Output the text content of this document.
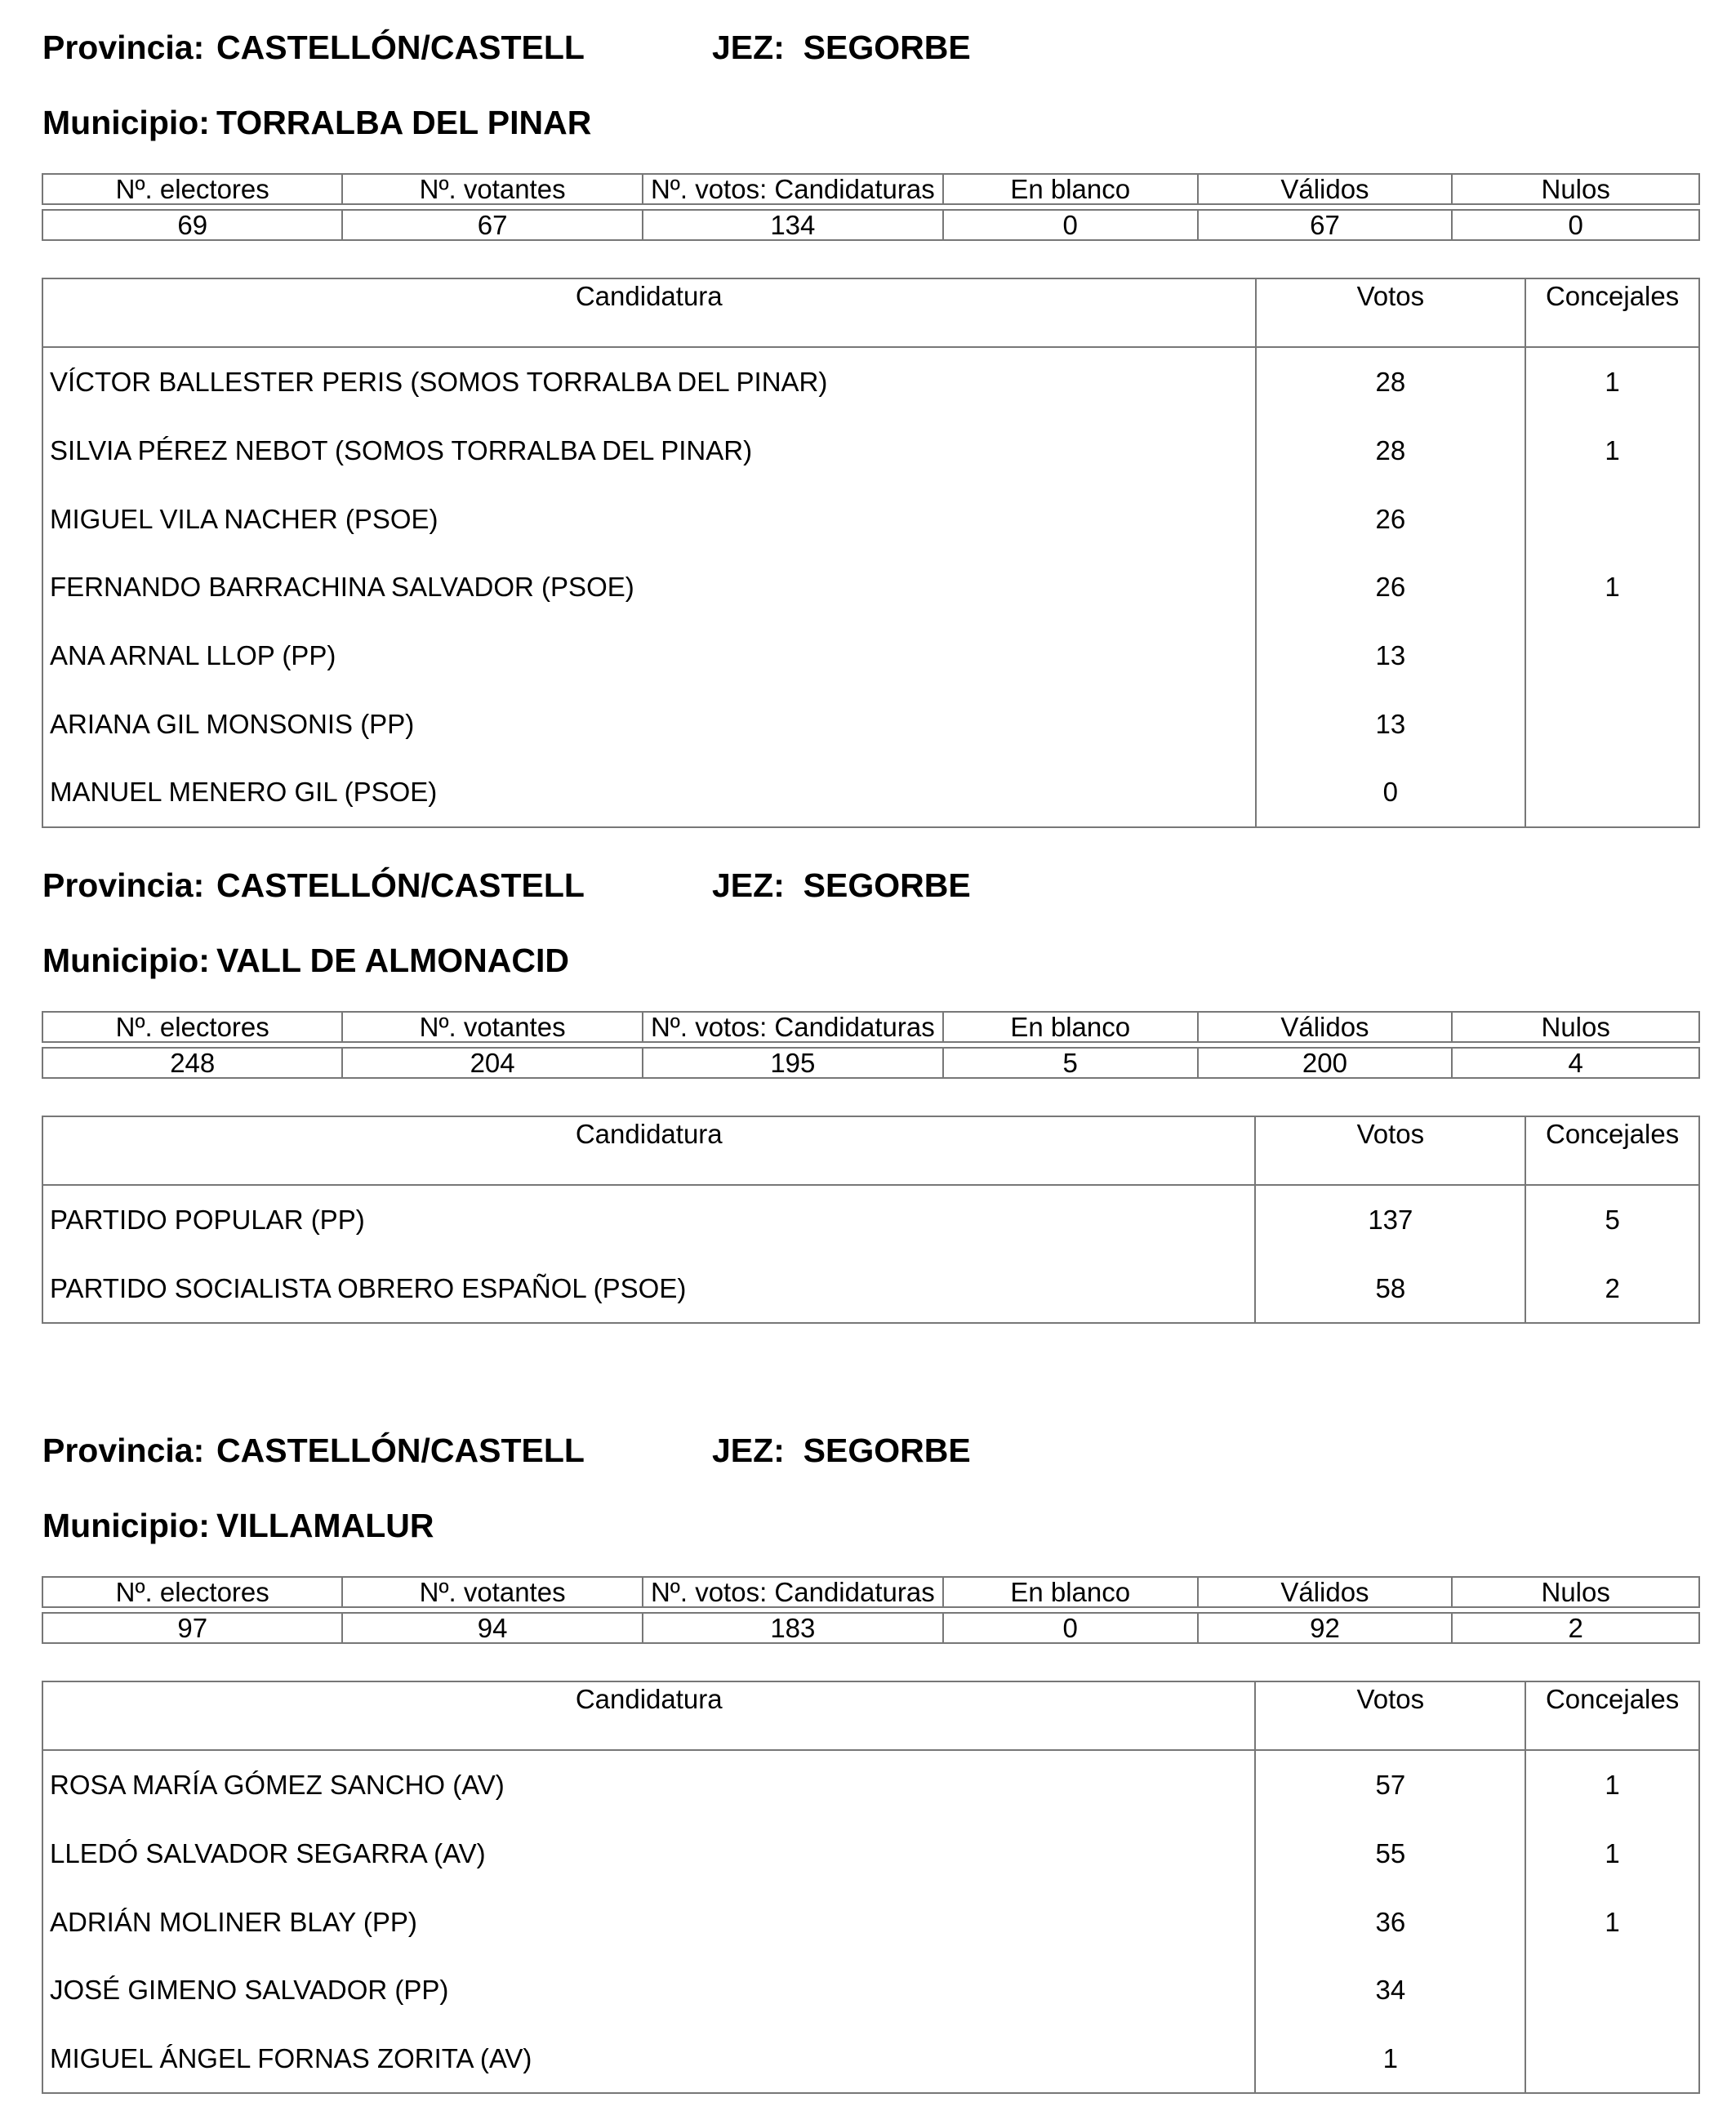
Provincia: CASTELLÓN/CASTELL	JEZ: SEGORBE
Municipio: TORRALBA DEL PINAR
Nº. electores	Nº. votantes	Nº. votos: Candidaturas	En blanco	Válidos	Nulos

69	67	134	0	67	0
Candidatura	Votos	Concejales
VÍCTOR BALLESTER PERIS (SOMOS TORRALBA DEL PINAR)	28	1
SILVIA PÉREZ NEBOT (SOMOS TORRALBA DEL PINAR)	28	1
MIGUEL VILA NACHER (PSOE)	26	
FERNANDO BARRACHINA SALVADOR (PSOE)	26	1
ANA ARNAL LLOP (PP)	13	
ARIANA GIL MONSONIS (PP)	13	
MANUEL MENERO GIL (PSOE)	0	
Provincia: CASTELLÓN/CASTELL	JEZ: SEGORBE
Municipio: VALL DE ALMONACID
Nº. electores	Nº. votantes	Nº. votos: Candidaturas	En blanco	Válidos	Nulos

248	204	195	5	200	4
Candidatura	Votos	Concejales
PARTIDO POPULAR (PP)	137	5
PARTIDO SOCIALISTA OBRERO ESPAÑOL (PSOE)	58	2
Provincia: CASTELLÓN/CASTELL	JEZ: SEGORBE
Municipio: VILLAMALUR
Nº. electores	Nº. votantes	Nº. votos: Candidaturas	En blanco	Válidos	Nulos

97	94	183	0	92	2
Candidatura	Votos	Concejales
ROSA MARÍA GÓMEZ SANCHO (AV)	57	1
LLEDÓ SALVADOR SEGARRA (AV)	55	1
ADRIÁN MOLINER BLAY (PP)	36	1
JOSÉ GIMENO SALVADOR (PP)	34	
MIGUEL ÁNGEL FORNAS ZORITA (AV)	1	
